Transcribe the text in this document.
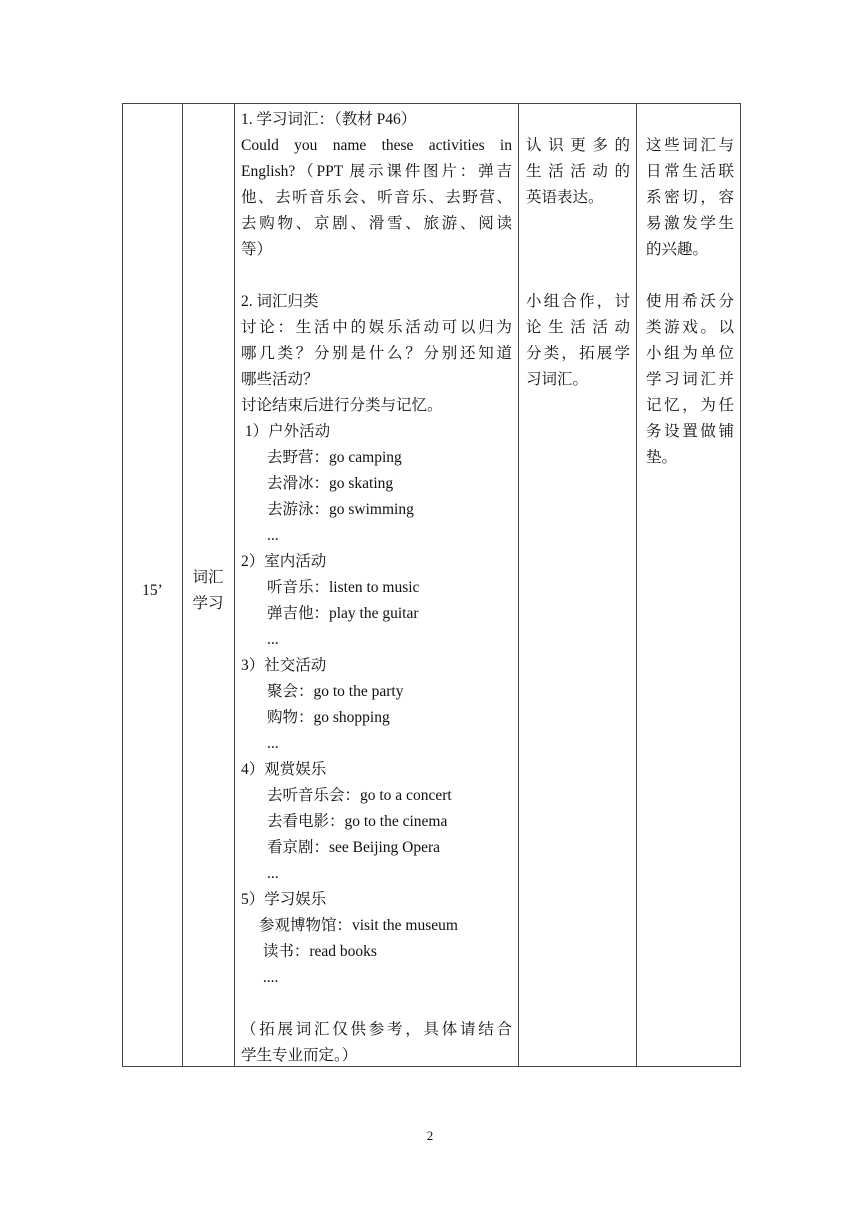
15’
词汇
学习
1. 学习词汇：（教材 P46）
Could you name these activities in
English?（PPT 展示课件图片：弹吉
他、去听音乐会、听音乐、去野营、
去购物、京剧、滑雪、旅游、阅读
等）
2. 词汇归类
讨论：生活中的娱乐活动可以归为
哪几类？分别是什么？分别还知道
哪些活动？
讨论结束后进行分类与记忆。
1）户外活动
去野营：go camping
去滑冰：go skating
去游泳：go swimming
...
2）室内活动
听音乐：listen to music
弹吉他：play the guitar
...
3）社交活动
聚会：go to the party
购物：go shopping
...
4）观赏娱乐
去听音乐会：go to a concert
去看电影：go to the cinema
看京剧：see Beijing Opera
...
5）学习娱乐
参观博物馆：visit the museum
读书：read books
....
（拓展词汇仅供参考，具体请结合
学生专业而定。）
认 识 更 多 的
生 活 活 动 的
英语表达。
小组合作，讨
论 生 活 活 动
分类，拓展学
习词汇。
这些词汇与
日常生活联
系密切，容
易激发学生
的兴趣。
使用希沃分
类游戏。以
小组为单位
学习词汇并
记忆，为任
务设置做铺
垫。
2
